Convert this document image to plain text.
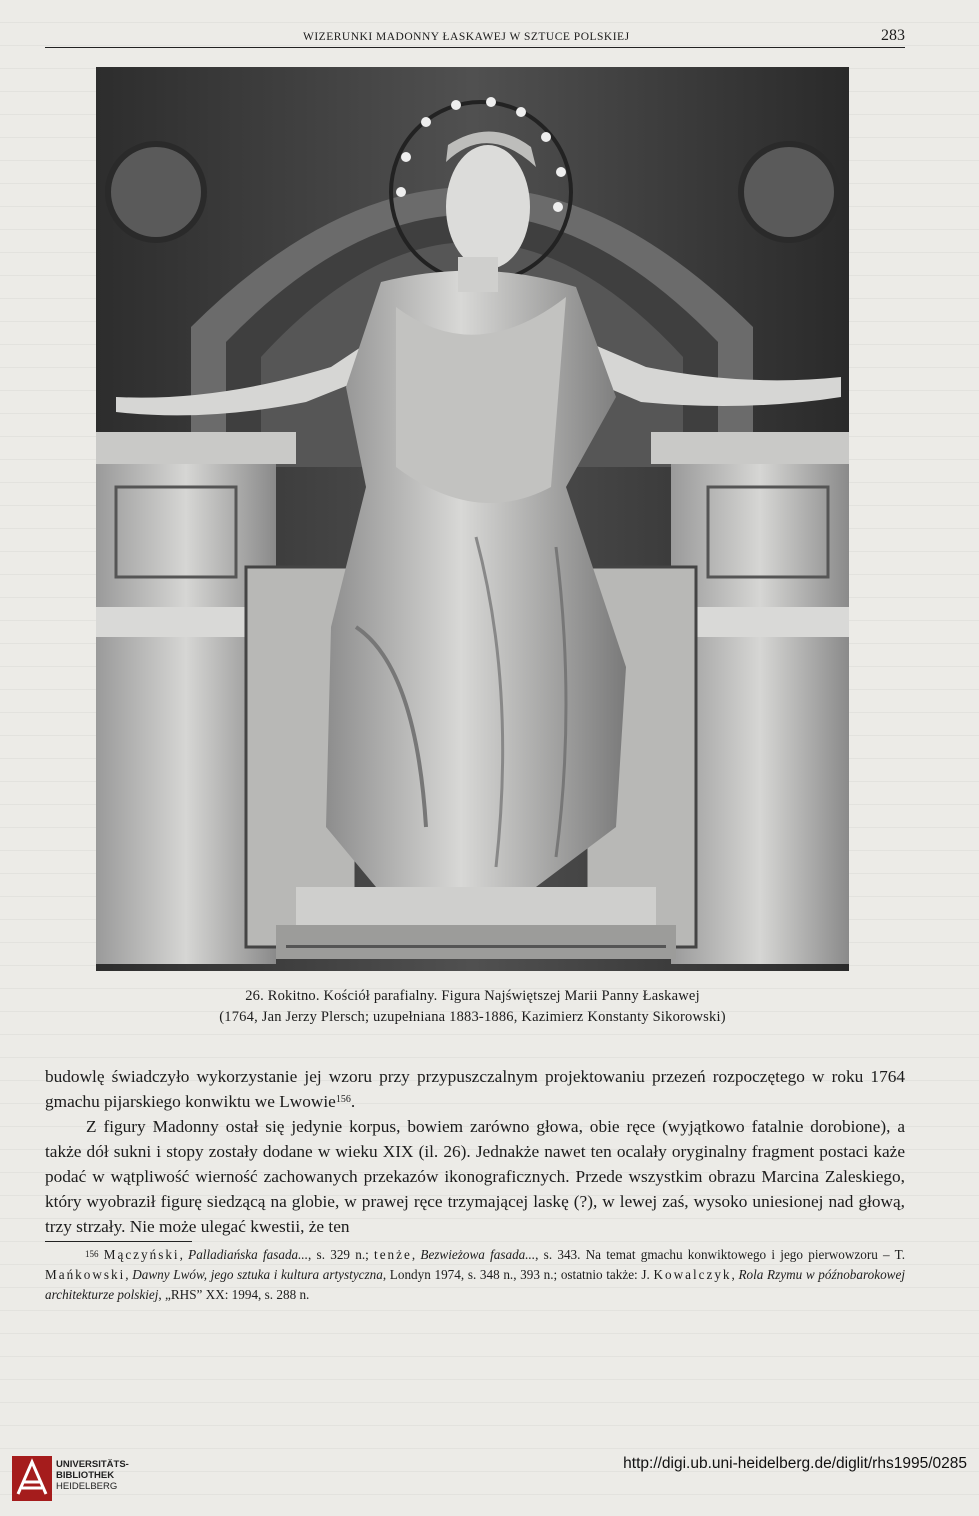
WIZERUNKI MADONNY ŁASKAWEJ W SZTUCE POLSKIEJ	283
26. Rokitno. Kościół parafialny. Figura Najświętszej Marii Panny Łaskawej
(1764, Jan Jerzy Plersch; uzupełniana 1883-1886, Kazimierz Konstanty Sikorowski)

budowlę świadczyło wykorzystanie jej wzoru przy przypuszczalnym projektowaniu przezeń rozpoczętego w roku 1764 gmachu pijarskiego konwiktu we Lwowie$^{156}$.

Z figury Madonny ostał się jedynie korpus, bowiem zarówno głowa, obie ręce (wyjątkowo fatalnie dorobione), a także dół sukni i stopy zostały dodane w wieku XIX (il. 26). Jednakże nawet ten ocalały oryginalny fragment postaci każe podać w wątpliwość wierność zachowanych przekazów ikonograficznych. Przede wszystkim obrazu Marcina Zaleskiego, który wyobraził figurę siedzącą na globie, w prawej ręce trzymającej laskę (?), w lewej zaś, wysoko uniesionej nad głową, trzy strzały. Nie może ulegać kwestii, że ten

$^{156}$ Mączyński, Palladiańska fasada..., s. 329 n.; tenże, Bezwieżowa fasada..., s. 343. Na temat gmachu konwiktowego i jego pierwowzoru – T. Mańkowski, Dawny Lwów, jego sztuka i kultura artystyczna, Londyn 1974, s. 348 n., 393 n.; ostatnio także: J. Kowalczyk, Rola Rzymu w późnobarokowej architekturze polskiej, „RHS” XX: 1994, s. 288 n.
UNIVERSITÄTS-
BIBLIOTHEK
HEIDELBERG
http://digi.ub.uni-heidelberg.de/diglit/rhs1995/0285
